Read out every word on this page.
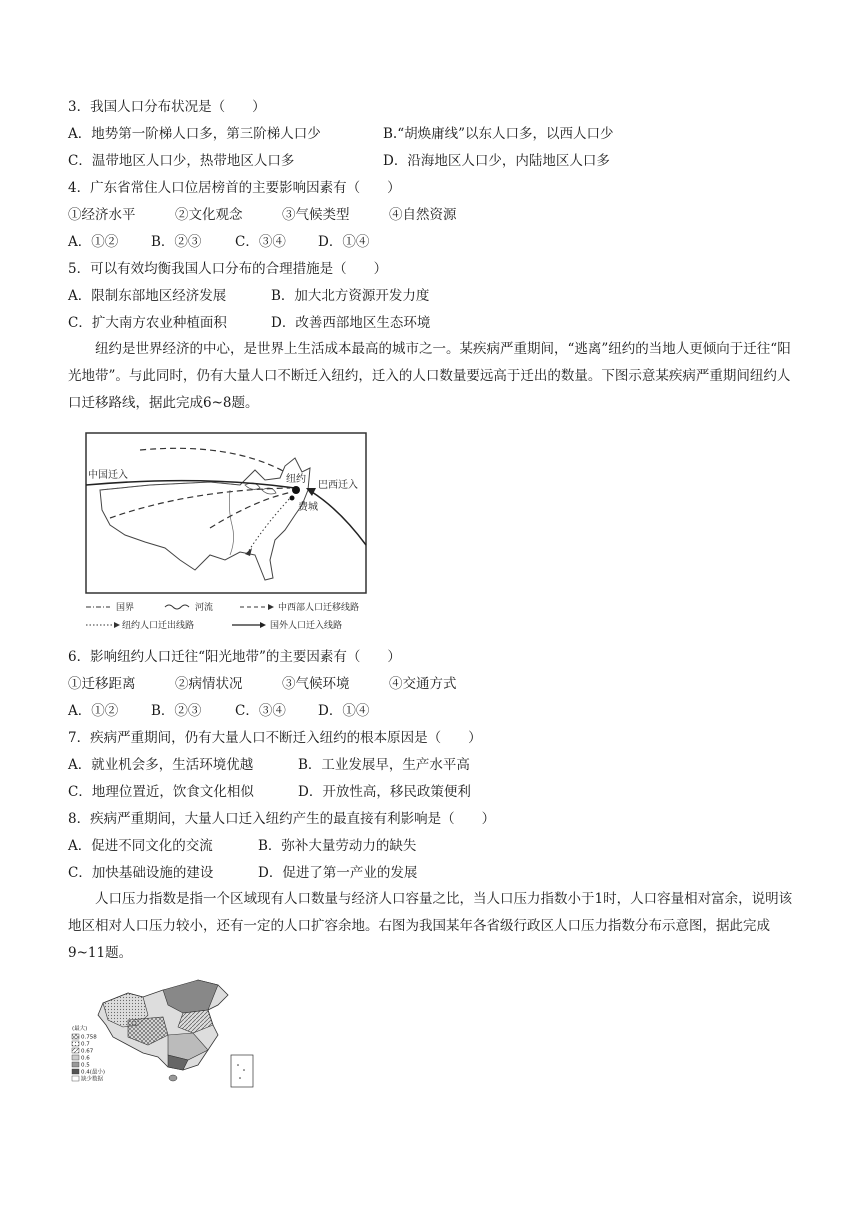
3．我国人口分布状况是（　　）
A．地势第一阶梯人口多，第三阶梯人口少	B.“胡焕庸线”以东人口多，以西人口少
C．温带地区人口少，热带地区人口多	D．沿海地区人口少，内陆地区人口多
4．广东省常住人口位居榜首的主要影响因素有（　　）
①经济水平	②文化观念	③气候类型	④自然资源
A．①② B．②③ C．③④ D．①④
5．可以有效均衡我国人口分布的合理措施是（　　）
A．限制东部地区经济发展	B．加大北方资源开发力度
C．扩大南方农业种植面积	D．改善西部地区生态环境

纽约是世界经济的中心，是世界上生活成本最高的城市之一。某疾病严重期间，“逃离”纽约的当地人更倾向于迁往“阳光地带”。与此同时，仍有大量人口不断迁入纽约，迁入的人口数量要远高于迁出的数量。下图示意某疾病严重期间纽约人口迁移路线，据此完成6~8题。

中国迁入	纽约
巴西迁入
费城
国界	河流	中西部人口迁移线路
纽约人口迁出线路	国外人口迁入线路
6．影响纽约人口迁往“阳光地带”的主要因素有（　　）
①迁移距离	②病情状况	③气候环境	④交通方式
A．①② B．②③ C．③④ D．①④
7．疾病严重期间，仍有大量人口不断迁入纽约的根本原因是（　　）
A．就业机会多，生活环境优越	B．工业发展早，生产水平高
C．地理位置近，饮食文化相似	D．开放性高，移民政策便利
8．疾病严重期间，大量人口迁入纽约产生的最直接有利影响是（　　）
A．促进不同文化的交流	B．弥补大量劳动力的缺失
C．加快基础设施的建设	D．促进了第一产业的发展

人口压力指数是指一个区域现有人口数量与经济人口容量之比，当人口压力指数小于1时，人口容量相对富余，说明该地区相对人口压力较小，还有一定的人口扩容余地。右图为我国某年各省级行政区人口压力指数分布示意图，据此完成9~11题。

(最大)
0.758
0.7
0.67
0.6
0.5
0.4(最小)
缺少数据
